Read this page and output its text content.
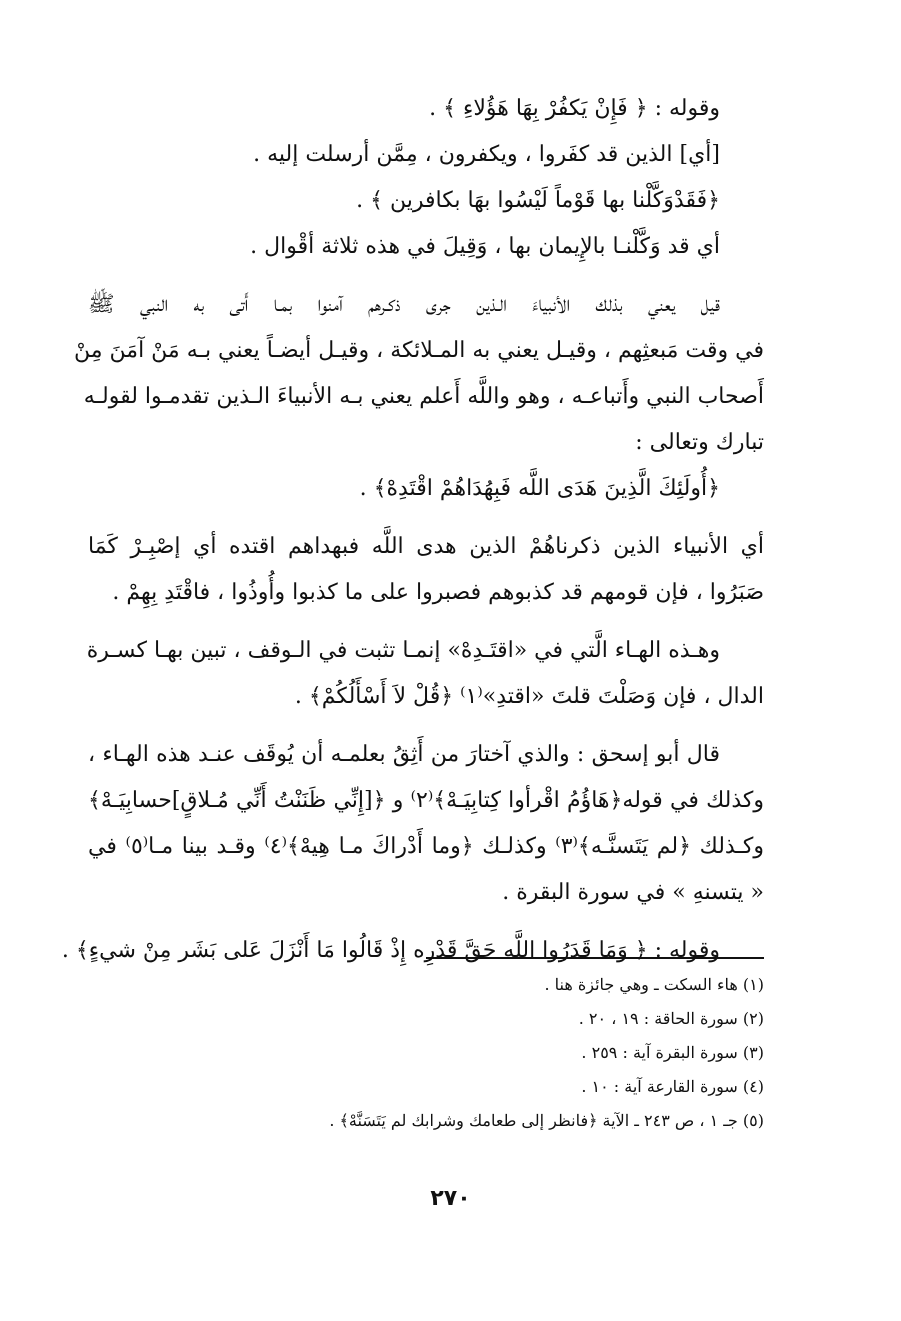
وقوله : ﴿ فَإِنْ يَكفُرْ بِهَا هَؤُلاءِ ﴾ .
[أي] الذين قد كفَروا ، ويكفرون ، مِمَّن أرسلت إليه .
﴿فَقَدْوَكَّلْنا بها قَوْماً لَيْسُوا بهَا بكافرين ﴾ .
أي قد وَكَّلْنـا بالإِيمان بها ، وَقِيلَ في هذه ثلاثة أقْوال .
قيل يعني بذلك الأنبياءَ الـذين جرى ذكـرهم آمنوا بمـا أَتى به النبي ﷺ
في وقت مَبعثِهم ، وقيـل يعني به المـلائكة ، وقيـل أيضـاً يعني بـه مَنْ آمَنَ مِنْ
أَصحاب النبي وأَتباعـه ، وهو واللَّه أَعلم يعني بـه الأنبياءَ الـذين تقدمـوا لقولـه
تبارك وتعالى :
﴿أُولَئِكَ الَّذِينَ هَدَى اللَّه فَبِهُدَاهُمْ اقْتَدِهْ﴾ .
أي الأنبياء الذين ذكرناهُمْ الذين هدى اللَّه فبهداهم اقتده أي إصْبِـرْ كَمَا
صَبَرُوا ، فإن قومهم قد كذبوهم فصبروا على ما كذبوا وأُوذُوا ، فاقْتَدِ بِهِمْ .
وهـذه الهـاء الَّتي في «اقتَـدِهْ» إنمـا تثبت في الـوقف ، تبين بهـا كسـرة
الدال ، فإن وَصَلْتَ قلتَ «اقتدِ»⁽١⁾ ﴿قُلْ لاَ أَسْأَلُكُمْ﴾ .
قال أبو إسحق : والذي آختارَ من أَثِقُ بعلمـه أن يُوقَف عنـد هذه الهـاء ،
وكذلك في قوله﴿هَاؤُمُ اقْرأوا كِتابِيَـهْ﴾⁽٢⁾ و ﴿[إِنِّي ظَنَنْتُ أَنِّي مُـلاقٍ]حسابِيَـهْ﴾
وكـذلك ﴿لم يَتَسنَّـه﴾⁽٣⁾ وكذلـك ﴿وما أَدْراكَ مـا هِيهْ﴾⁽٤⁾ وقـد بينا مـا⁽٥⁾ في
« يتسنهِ » في سورة البقرة .
وقوله : ﴿ وَمَا قَدَرُوا اللَّه حَقَّ قَدْرِه إِذْ قَالُوا مَا أَنْزَلَ عَلى بَشَر مِنْ شيءٍ﴾ .
(١) هاء السكت ـ وهي جائزة هنا .
(٢) سورة الحاقة : ١٩ ، ٢٠ .
(٣) سورة البقرة آية : ٢٥٩ .
(٤) سورة القارعة آية : ١٠ .
(٥) جـ ١ ، ص ٢٤٣ ـ الآية ﴿فانظر إلى طعامك وشرابك لم يَتَسَنَّهْ﴾ .
٢٧٠
